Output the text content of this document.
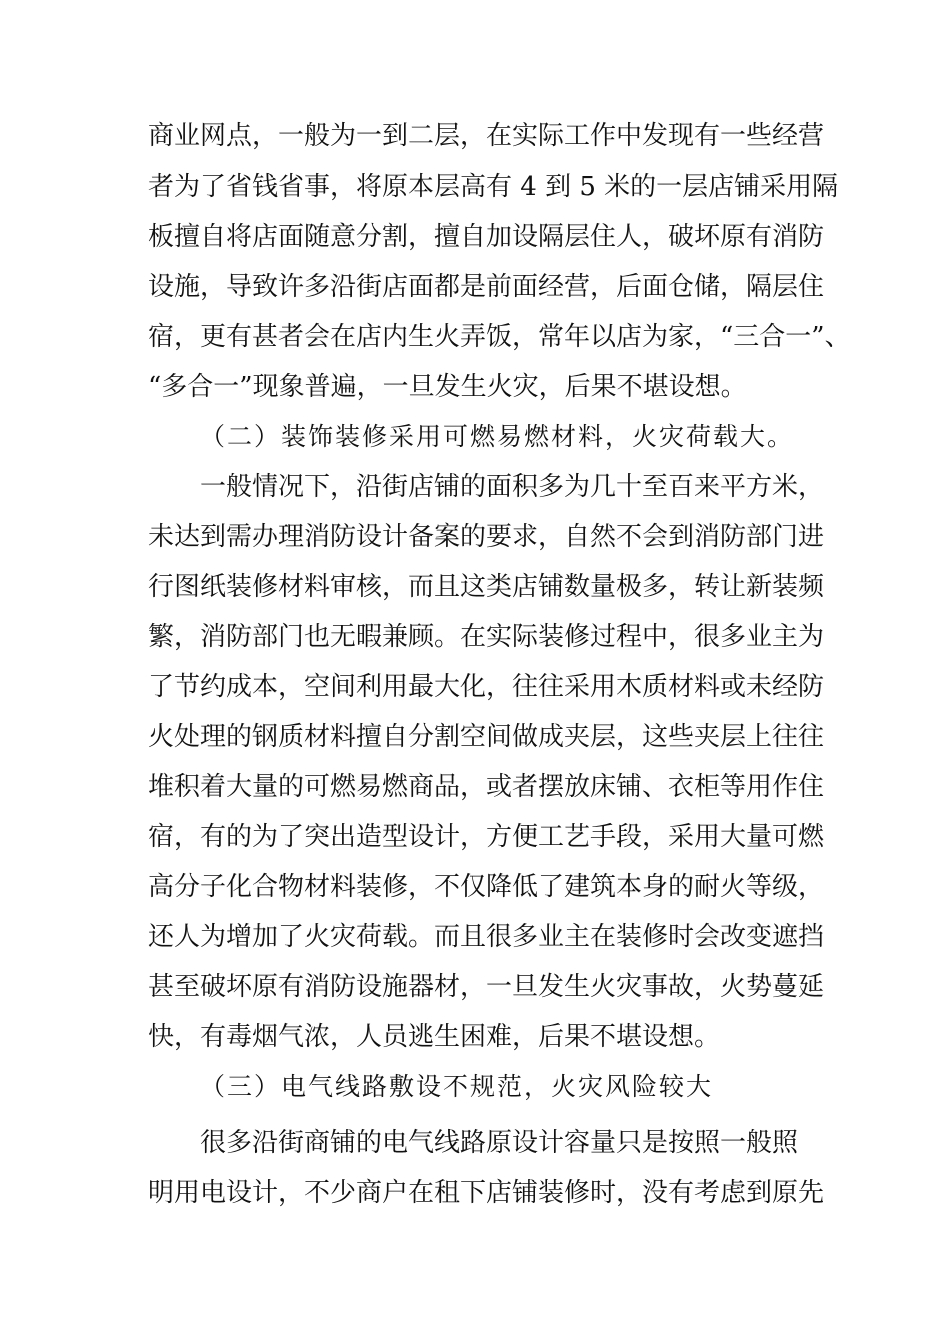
商业网点，一般为一到二层，在实际工作中发现有一些经营
者为了省钱省事，将原本层高有 4 到 5 米的一层店铺采用隔
板擅自将店面随意分割，擅自加设隔层住人，破坏原有消防
设施，导致许多沿街店面都是前面经营，后面仓储，隔层住
宿，更有甚者会在店内生火弄饭，常年以店为家，“三合一”、
“多合一”现象普遍，一旦发生火灾，后果不堪设想。
（二）装饰装修采用可燃易燃材料，火灾荷载大。
一般情况下，沿街店铺的面积多为几十至百来平方米，
未达到需办理消防设计备案的要求，自然不会到消防部门进
行图纸装修材料审核，而且这类店铺数量极多，转让新装频
繁，消防部门也无暇兼顾。在实际装修过程中，很多业主为
了节约成本，空间利用最大化，往往采用木质材料或未经防
火处理的钢质材料擅自分割空间做成夹层，这些夹层上往往
堆积着大量的可燃易燃商品，或者摆放床铺、衣柜等用作住
宿，有的为了突出造型设计，方便工艺手段，采用大量可燃
高分子化合物材料装修，不仅降低了建筑本身的耐火等级，
还人为增加了火灾荷载。而且很多业主在装修时会改变遮挡
甚至破坏原有消防设施器材，一旦发生火灾事故，火势蔓延
快，有毒烟气浓，人员逃生困难，后果不堪设想。
（三）电气线路敷设不规范，火灾风险较大
很多沿街商铺的电气线路原设计容量只是按照一般照
明用电设计，不少商户在租下店铺装修时，没有考虑到原先
